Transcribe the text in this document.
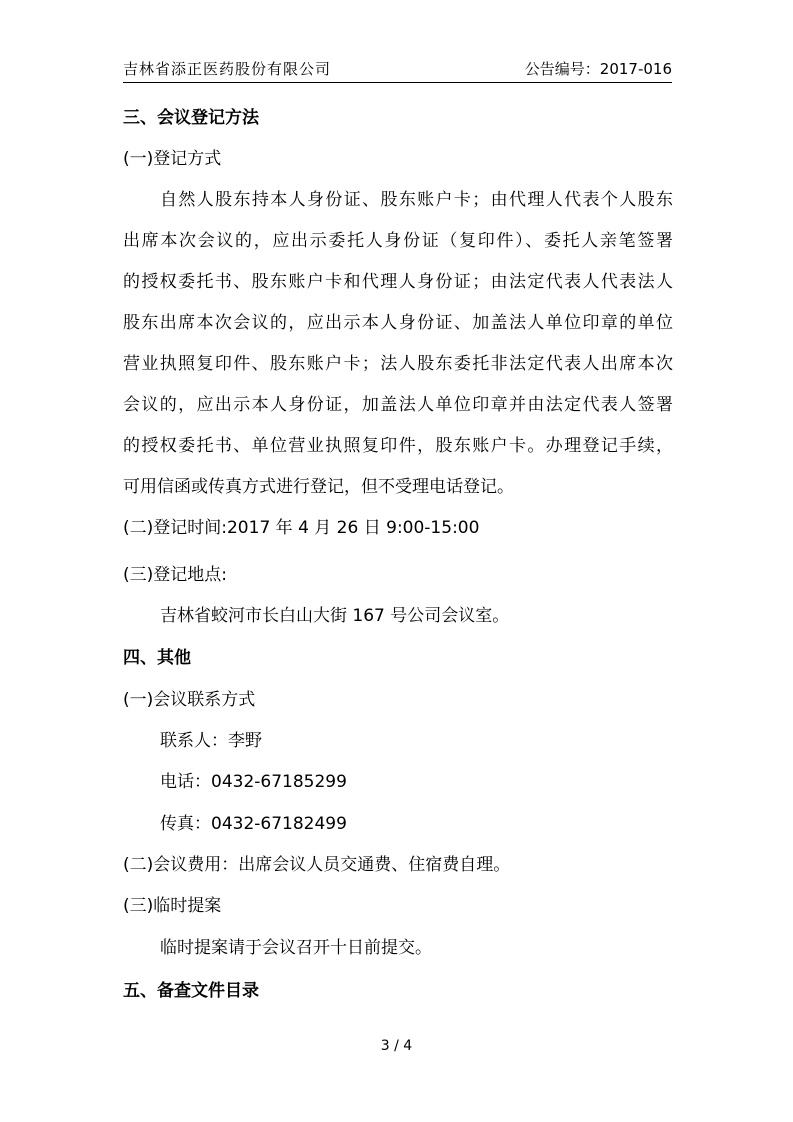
吉林省添正医药股份有限公司	公告编号：2017-016
三、会议登记方法
(一)登记方式
自然人股东持本人身份证、股东账户卡；由代理人代表个人股东
出席本次会议的，应出示委托人身份证（复印件）、委托人亲笔签署
的授权委托书、股东账户卡和代理人身份证；由法定代表人代表法人
股东出席本次会议的，应出示本人身份证、加盖法人单位印章的单位
营业执照复印件、股东账户卡；法人股东委托非法定代表人出席本次
会议的，应出示本人身份证，加盖法人单位印章并由法定代表人签署
的授权委托书、单位营业执照复印件，股东账户卡。办理登记手续，
可用信函或传真方式进行登记，但不受理电话登记。
(二)登记时间:2017 年 4 月 26 日 9:00-15:00
(三)登记地点:
吉林省蛟河市长白山大街 167 号公司会议室。
四、其他
(一)会议联系方式
联系人：李野
电话：0432-67185299
传真：0432-67182499
(二)会议费用：出席会议人员交通费、住宿费自理。
(三)临时提案
临时提案请于会议召开十日前提交。
五、备查文件目录
3 / 4
